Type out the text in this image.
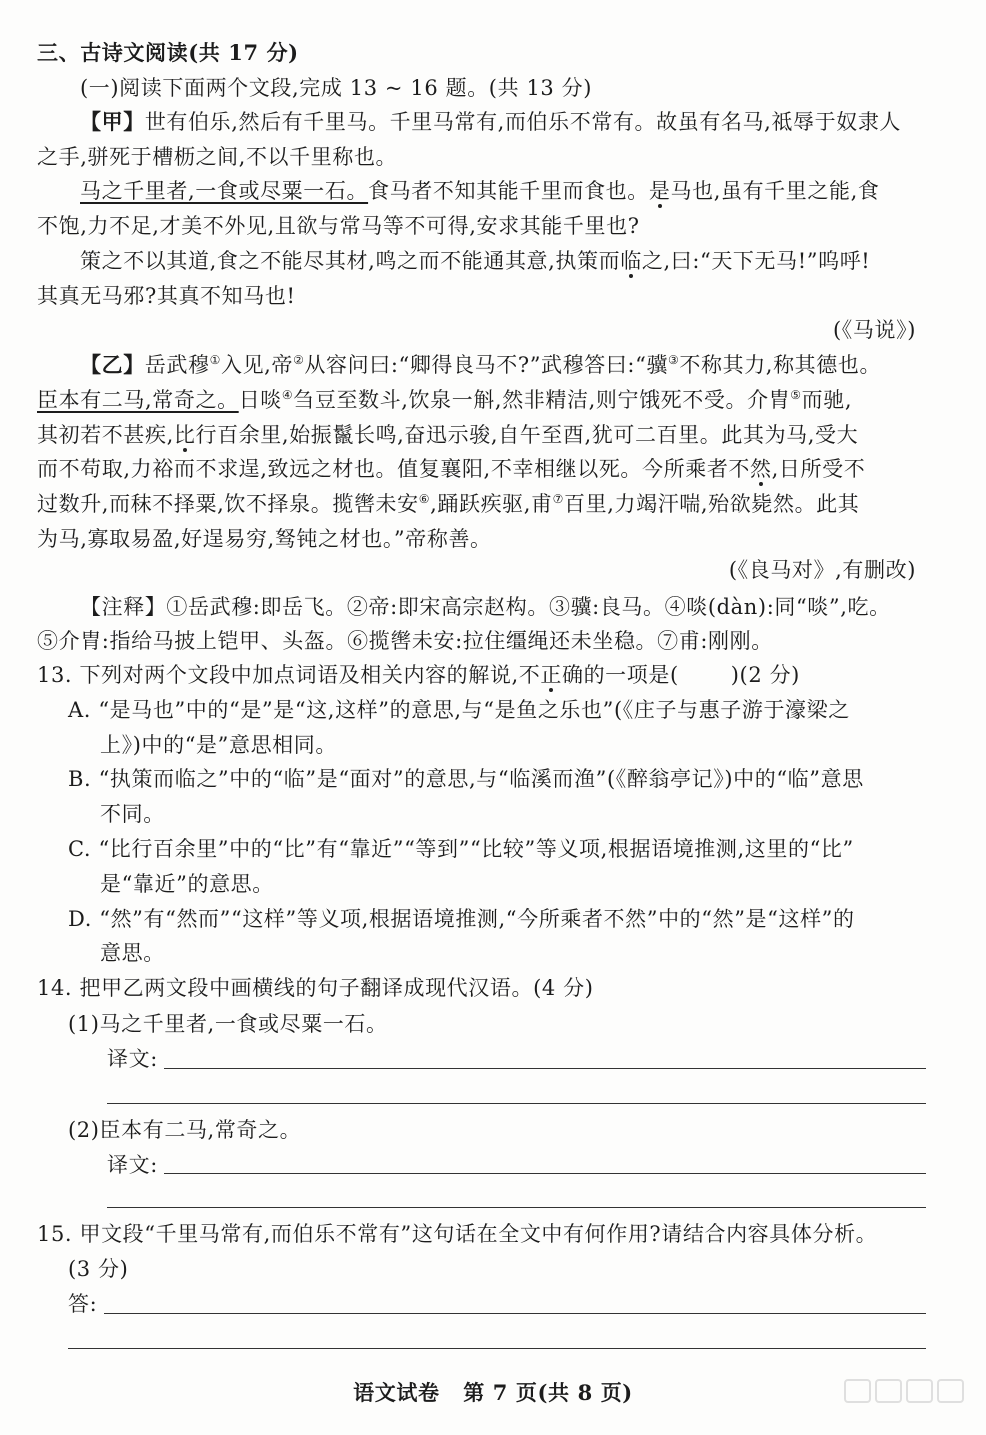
三、古诗文阅读(共 17 分)
(一)阅读下面两个文段,完成 13 ~ 16 题。(共 13 分)
【甲】世有伯乐,然后有千里马。千里马常有,而伯乐不常有。故虽有名马,祗辱于奴隶人
之手,骈死于槽枥之间,不以千里称也。
马之千里者,一食或尽粟一石。食马者不知其能千里而食也。是马也,虽有千里之能,食
不饱,力不足,才美不外见,且欲与常马等不可得,安求其能千里也?
策之不以其道,食之不能尽其材,鸣之而不能通其意,执策而临之,曰:“天下无马!”呜呼!
其真无马邪?其真不知马也!
(《马说》)
【乙】岳武穆①入见,帝②从容问曰:“卿得良马不?”武穆答曰:“骥③不称其力,称其德也。
臣本有二马,常奇之。日啖④刍豆至数斗,饮泉一斛,然非精洁,则宁饿死不受。介胄⑤而驰,
其初若不甚疾,比行百余里,始振鬣长鸣,奋迅示骏,自午至酉,犹可二百里。此其为马,受大
而不苟取,力裕而不求逞,致远之材也。值复襄阳,不幸相继以死。今所乘者不然,日所受不
过数升,而秣不择粟,饮不择泉。揽辔未安⑥,踊跃疾驱,甫⑦百里,力竭汗喘,殆欲毙然。此其
为马,寡取易盈,好逞易穷,驽钝之材也。”帝称善。
(《良马对》,有删改)
【注释】①岳武穆:即岳飞。②帝:即宋高宗赵构。③骥:良马。④啖(dàn):同“啖”,吃。
⑤介胄:指给马披上铠甲、头盔。⑥揽辔未安:拉住缰绳还未坐稳。⑦甫:刚刚。
13. 下列对两个文段中加点词语及相关内容的解说,不正确的一项是( )(2 分)
A. “是马也”中的“是”是“这,这样”的意思,与“是鱼之乐也”(《庄子与惠子游于濠梁之
上》)中的“是”意思相同。
B. “执策而临之”中的“临”是“面对”的意思,与“临溪而渔”(《醉翁亭记》)中的“临”意思
不同。
C. “比行百余里”中的“比”有“靠近”“等到”“比较”等义项,根据语境推测,这里的“比”
是“靠近”的意思。
D. “然”有“然而”“这样”等义项,根据语境推测,“今所乘者不然”中的“然”是“这样”的
意思。
14. 把甲乙两文段中画横线的句子翻译成现代汉语。(4 分)
(1)马之千里者,一食或尽粟一石。
译文:
(2)臣本有二马,常奇之。
译文:
15. 甲文段“千里马常有,而伯乐不常有”这句话在全文中有何作用?请结合内容具体分析。
(3 分)
答:
语文试卷   第 7 页(共 8 页)
